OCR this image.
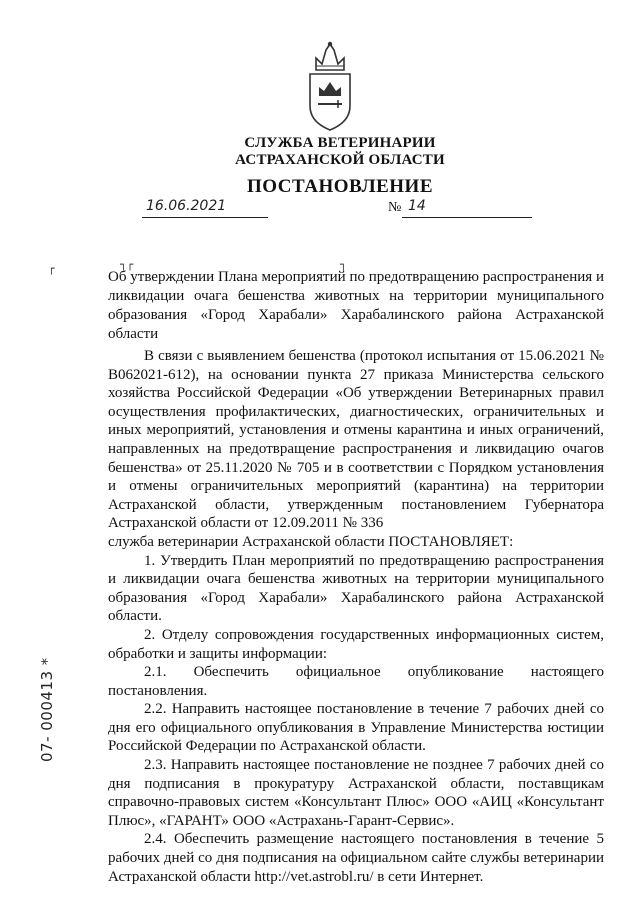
СЛУЖБА ВЕТЕРИНАРИИ
АСТРАХАНСКОЙ ОБЛАСТИ
ПОСТАНОВЛЕНИЕ
16.06.2021	№ 14
┌	┐┌	┐
Об утверждении Плана мероприятий по предотвращению распространения и ликвидации очага бешенства животных на территории муниципального образования «Город Харабали» Харабалинского района Астраханской области

В связи с выявлением бешенства (протокол испытания от 15.06.2021 № В062021-612), на основании пункта 27 приказа Министерства сельского хозяйства Российской Федерации «Об утверждении Ветеринарных правил осуществления профилактических, диагностических, ограничительных и иных мероприятий, установления и отмены карантина и иных ограничений, направленных на предотвращение распространения и ликвидацию очагов бешенства» от 25.11.2020 № 705 и в соответствии с Порядком установления и отмены ограничительных мероприятий (карантина) на территории Астраханской области, утвержденным постановлением Губернатора Астраханской области от 12.09.2011 № 336

служба ветеринарии Астраханской области ПОСТАНОВЛЯЕТ:

1. Утвердить План мероприятий по предотвращению распространения и ликвидации очага бешенства животных на территории муниципального образования «Город Харабали» Харабалинского района Астраханской области.

2. Отделу сопровождения государственных информационных систем, обработки и защиты информации:

2.1. Обеспечить официальное опубликование настоящего постановления.

2.2. Направить настоящее постановление в течение 7 рабочих дней со дня его официального опубликования в Управление Министерства юстиции Российской Федерации по Астраханской области.

2.3. Направить настоящее постановление не позднее 7 рабочих дней со дня подписания в прокуратуру Астраханской области, поставщикам справочно-правовых систем «Консультант Плюс» ООО «АИЦ «Консультант Плюс», «ГАРАНТ» ООО «Астрахань-Гарант-Сервис».

2.4. Обеспечить размещение настоящего постановления в течение 5 рабочих дней со дня подписания на официальном сайте службы ветеринарии Астраханской области http://vet.astrobl.ru/ в сети Интернет.

07- 000413 *
